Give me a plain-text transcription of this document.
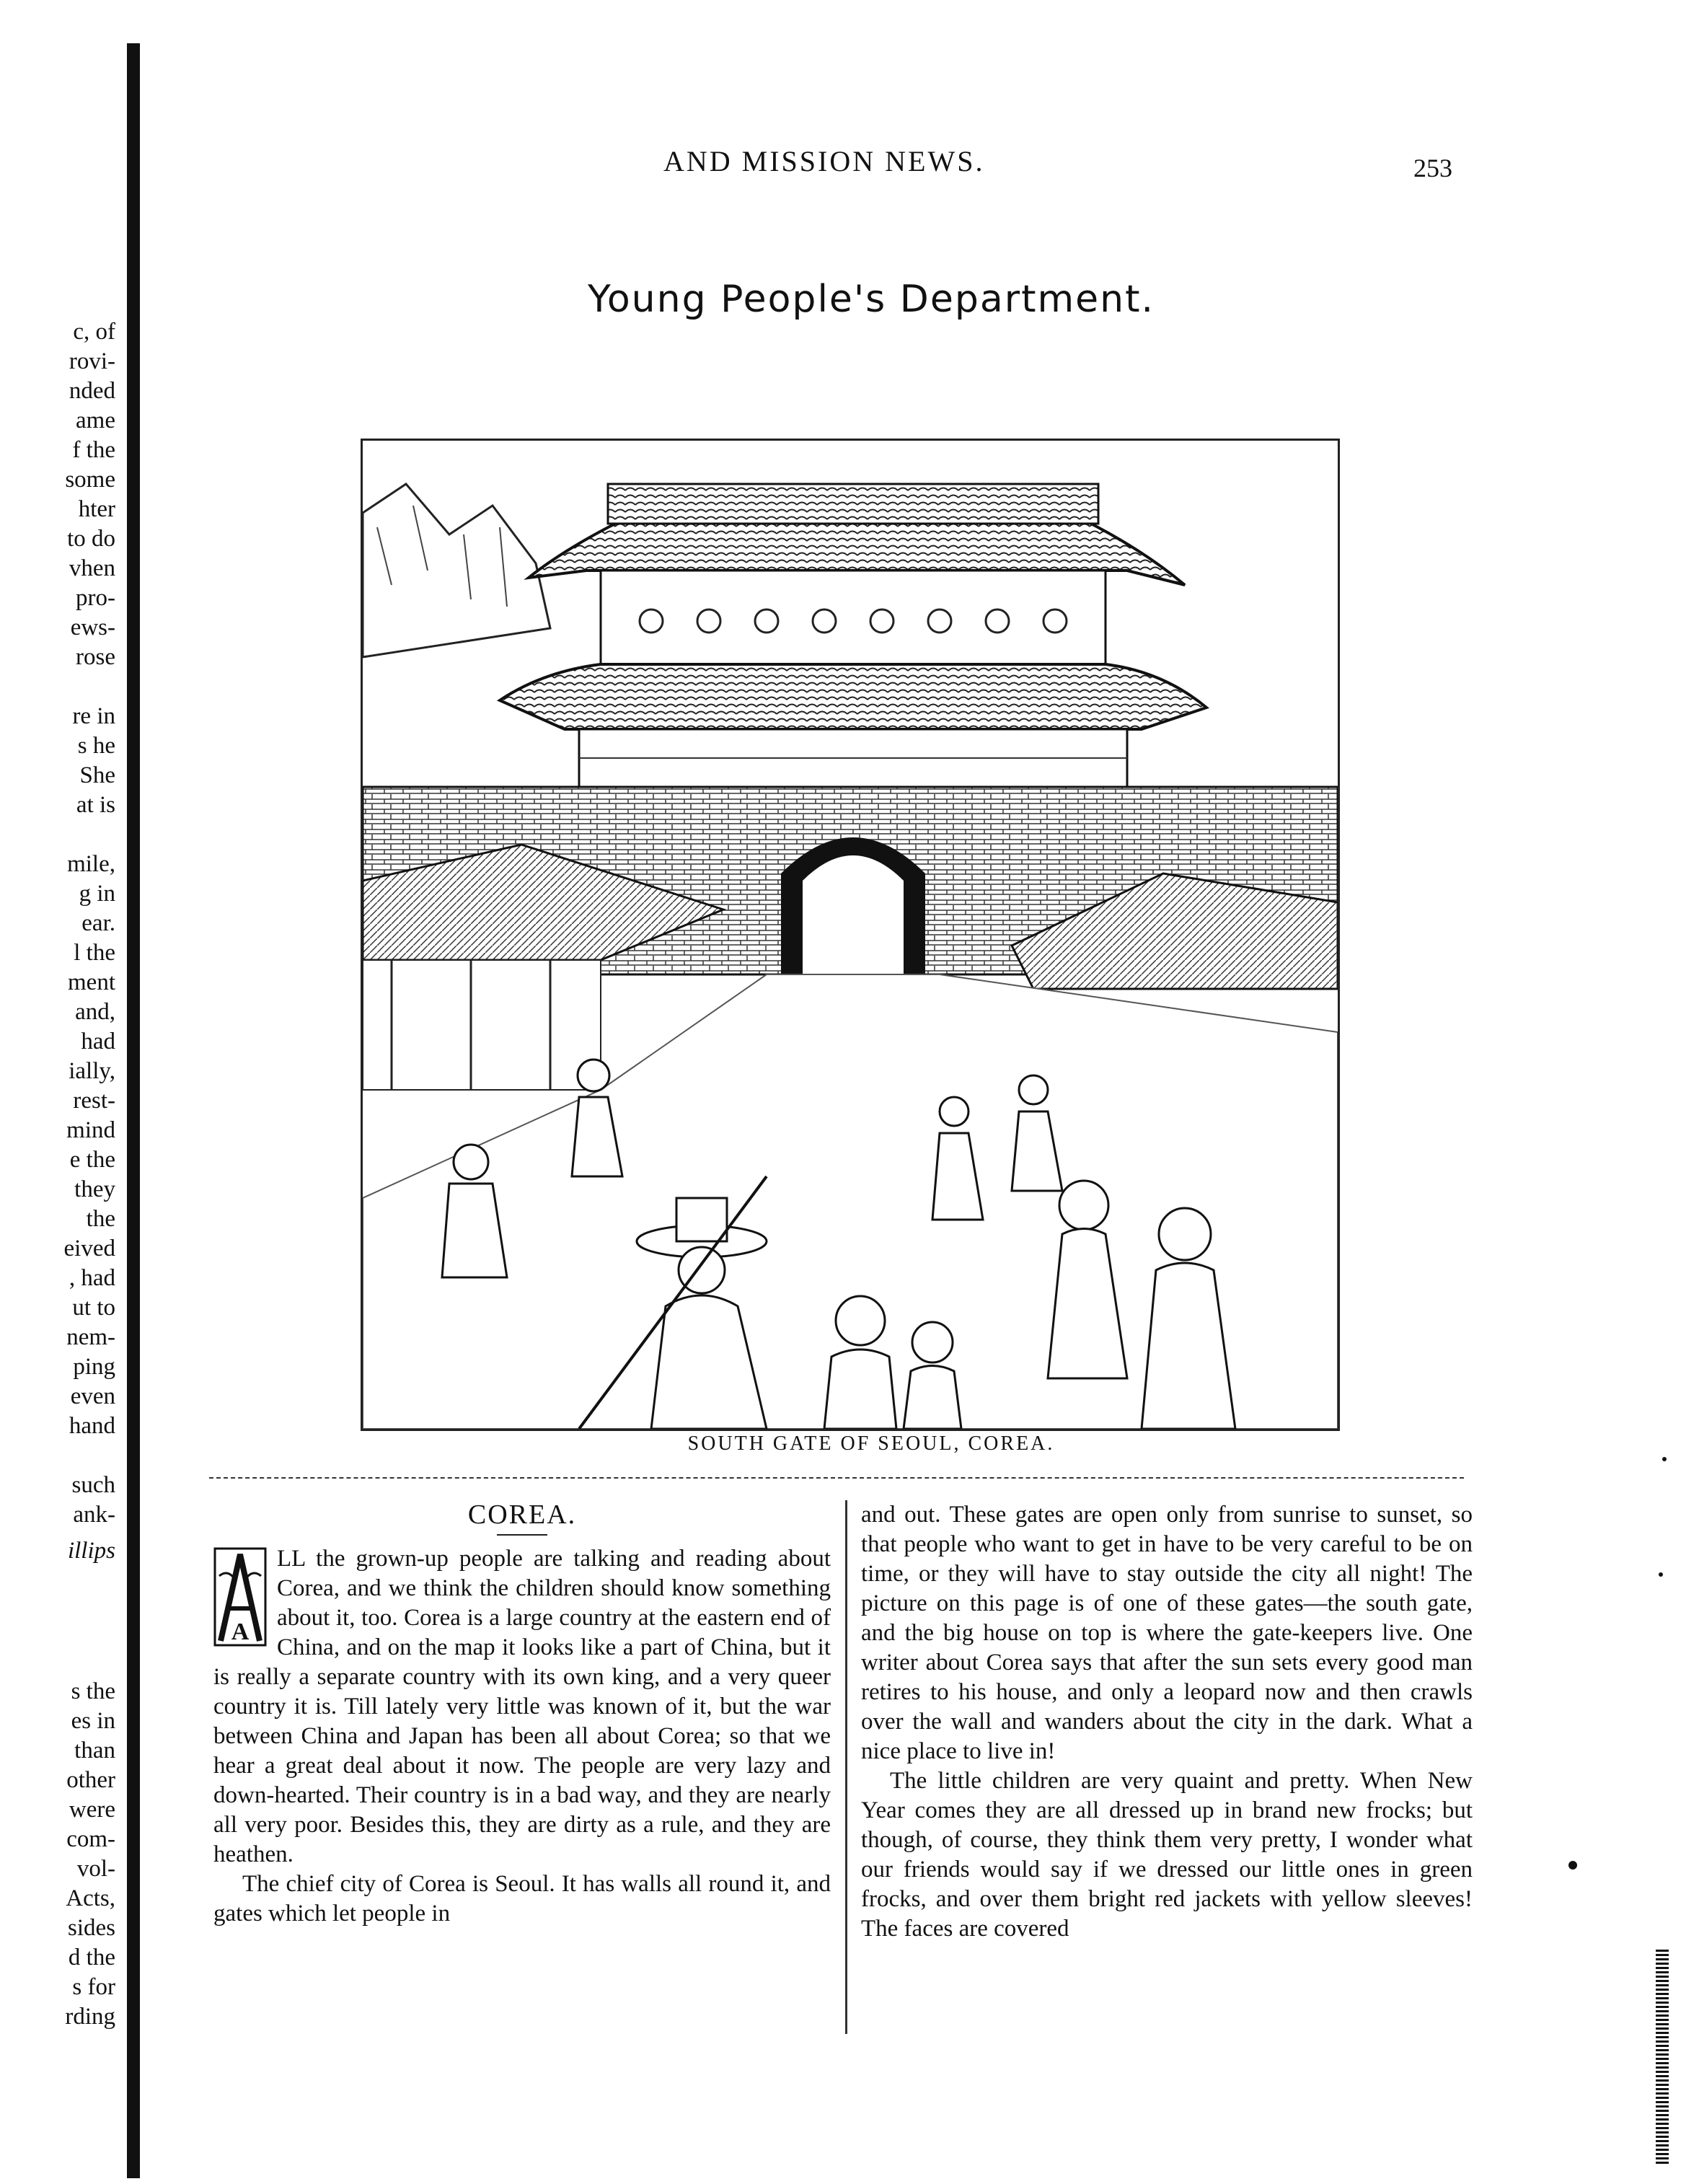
c, of
rovi-
nded
ame
f the
some
hter
to do
vhen
pro-
ews-
rose

re in
s he
She
at is

mile,
g in
ear.
l the
ment
and,
had
ially,
rest-
mind
e the
they
the
eived
, had
ut to
nem-
ping
even
hand

such
ank-
illips
s the
es in
than
other
were
com-
vol-
Acts,
sides
d the
s for
rding
AND MISSION NEWS.	253
Young People's Department.
SOUTH GATE OF SEOUL, COREA.
COREA.
A

LL the grown-up people are talking and reading about Corea, and we think the children should know something about it, too. Corea is a large country at the eastern end of China, and on the map it looks like a part of China, but it is really a separate country with its own king, and a very queer country it is. Till lately very little was known of it, but the war between China and Japan has been all about Corea; so that we hear a great deal about it now. The people are very lazy and down-hearted. Their country is in a bad way, and they are nearly all very poor. Besides this, they are dirty as a rule, and they are heathen.

The chief city of Corea is Seoul. It has walls all round it, and gates which let people in

and out. These gates are open only from sunrise to sunset, so that people who want to get in have to be very careful to be on time, or they will have to stay outside the city all night! The picture on this page is of one of these gates—the south gate, and the big house on top is where the gate-keepers live. One writer about Corea says that after the sun sets every good man retires to his house, and only a leopard now and then crawls over the wall and wanders about the city in the dark. What a nice place to live in!

The little children are very quaint and pretty. When New Year comes they are all dressed up in brand new frocks; but though, of course, they think them very pretty, I wonder what our friends would say if we dressed our little ones in green frocks, and over them bright red jackets with yellow sleeves! The faces are covered
